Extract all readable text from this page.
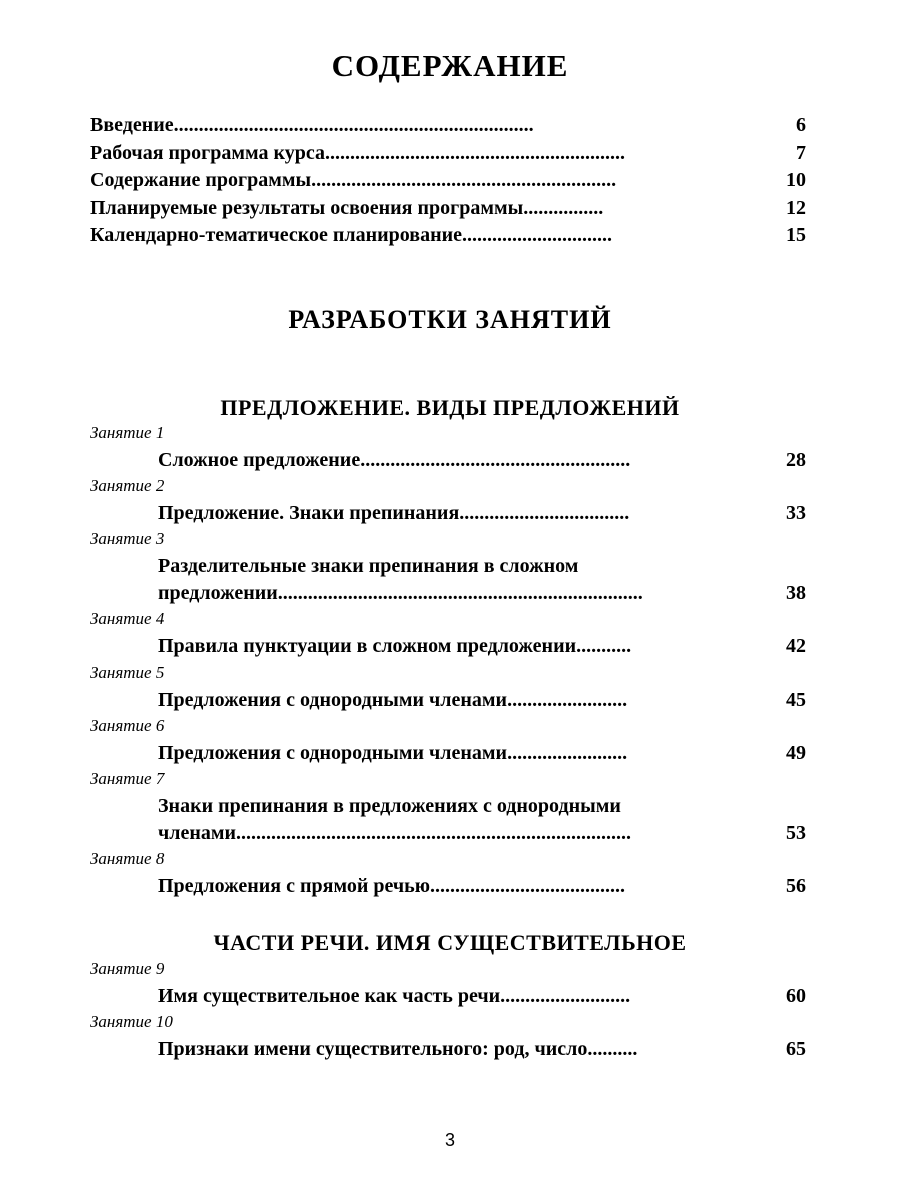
СОДЕРЖАНИЕ
Введение ........................................................................	6
Рабочая программа курса ............................................................	7
Содержание программы .............................................................	10
Планируемые результаты освоения программы ................	12
Календарно-тематическое планирование ..............................	15
РАЗРАБОТКИ ЗАНЯТИЙ
ПРЕДЛОЖЕНИЕ. ВИДЫ ПРЕДЛОЖЕНИЙ
Занятие 1
Сложное предложение ......................................................	28
Занятие 2
Предложение. Знаки препинания ..................................	33
Занятие 3
Разделительные знаки препинания в сложном
предложении .........................................................................	38
Занятие 4
Правила пунктуации в сложном предложении ...........	42
Занятие 5
Предложения с однородными членами ........................	45
Занятие 6
Предложения с однородными членами ........................	49
Занятие 7
Знаки препинания в предложениях с однородными
членами ...............................................................................	53
Занятие 8
Предложения с прямой речью .......................................	56
ЧАСТИ РЕЧИ. ИМЯ СУЩЕСТВИТЕЛЬНОЕ
Занятие 9
Имя существительное как часть речи ..........................	60
Занятие 10
Признаки имени существительного: род, число ..........	65
3
